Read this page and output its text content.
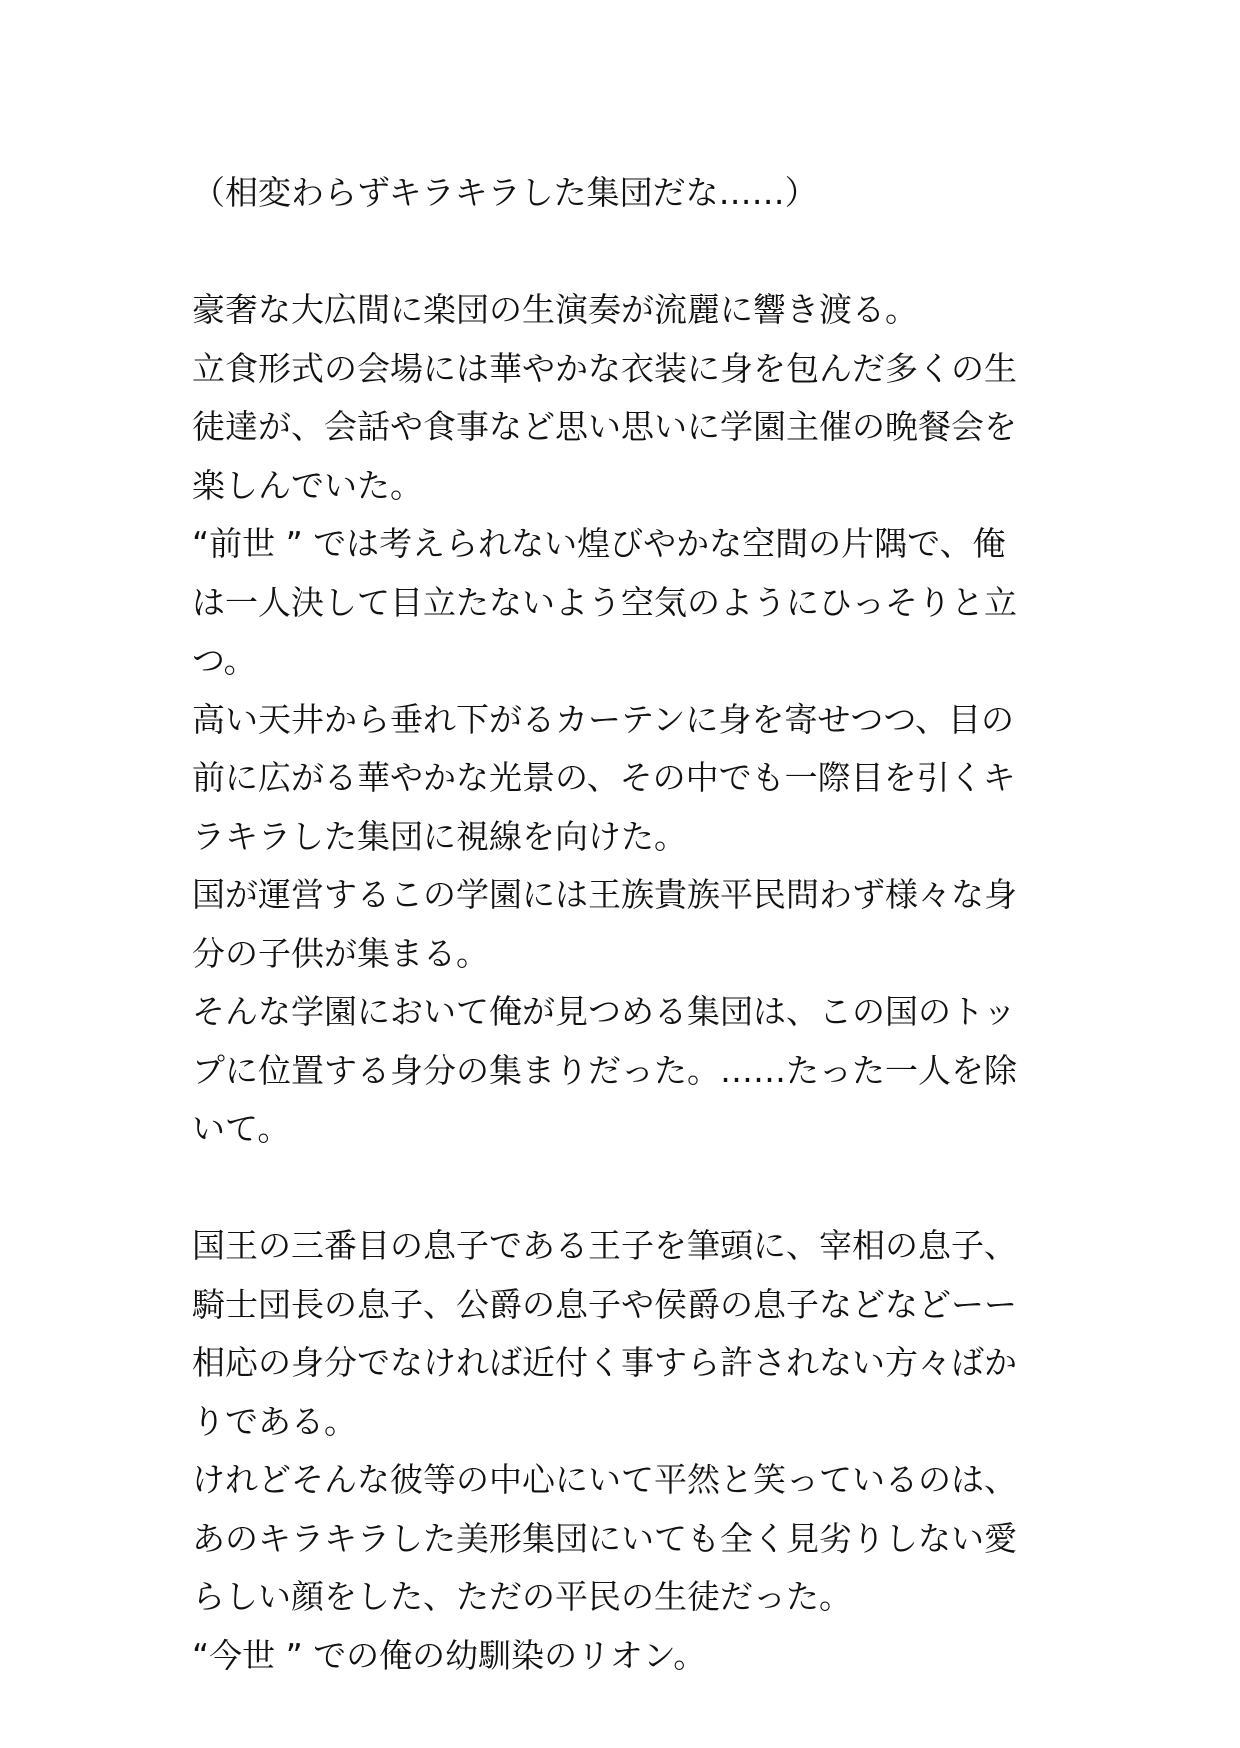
（相変わらずキラキラした集団だな……）
豪奢な大広間に楽団の生演奏が流麗に響き渡る。
立食形式の会場には華やかな衣装に身を包んだ多くの生
徒達が、会話や食事など思い思いに学園主催の晩餐会を
楽しんでいた。
“前世 ” では考えられない煌びやかな空間の片隅で、俺
は一人決して目立たないよう空気のようにひっそりと立
つ。
高い天井から垂れ下がるカーテンに身を寄せつつ、目の
前に広がる華やかな光景の、その中でも一際目を引くキ
ラキラした集団に視線を向けた。
国が運営するこの学園には王族貴族平民問わず様々な身
分の子供が集まる。
そんな学園において俺が見つめる集団は、この国のトッ
プに位置する身分の集まりだった。……たった一人を除
いて。
国王の三番目の息子である王子を筆頭に、宰相の息子、
騎士団長の息子、公爵の息子や侯爵の息子などなどーー
相応の身分でなければ近付く事すら許されない方々ばか
りである。
けれどそんな彼等の中心にいて平然と笑っているのは、
あのキラキラした美形集団にいても全く見劣りしない愛
らしい顔をした、ただの平民の生徒だった。
“今世 ” での俺の幼馴染のリオン。
